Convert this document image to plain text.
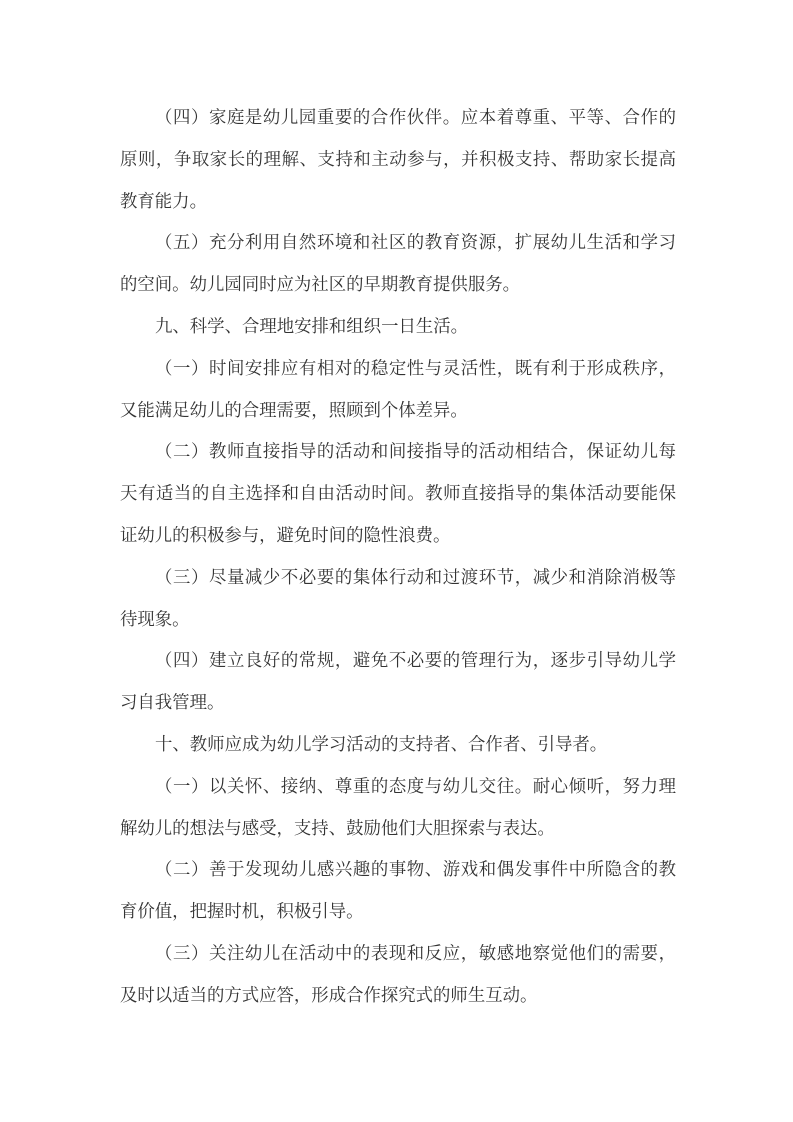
（四）家庭是幼儿园重要的合作伙伴。应本着尊重、平等、合作的原则，争取家长的理解、支持和主动参与，并积极支持、帮助家长提高教育能力。

（五）充分利用自然环境和社区的教育资源，扩展幼儿生活和学习的空间。幼儿园同时应为社区的早期教育提供服务。

九、科学、合理地安排和组织一日生活。

（一）时间安排应有相对的稳定性与灵活性，既有利于形成秩序，又能满足幼儿的合理需要，照顾到个体差异。

（二）教师直接指导的活动和间接指导的活动相结合，保证幼儿每天有适当的自主选择和自由活动时间。教师直接指导的集体活动要能保证幼儿的积极参与，避免时间的隐性浪费。

（三）尽量减少不必要的集体行动和过渡环节，减少和消除消极等待现象。

（四）建立良好的常规，避免不必要的管理行为，逐步引导幼儿学习自我管理。

十、教师应成为幼儿学习活动的支持者、合作者、引导者。

（一）以关怀、接纳、尊重的态度与幼儿交往。耐心倾听，努力理解幼儿的想法与感受，支持、鼓励他们大胆探索与表达。

（二）善于发现幼儿感兴趣的事物、游戏和偶发事件中所隐含的教育价值，把握时机，积极引导。

（三）关注幼儿在活动中的表现和反应，敏感地察觉他们的需要，及时以适当的方式应答，形成合作探究式的师生互动。
